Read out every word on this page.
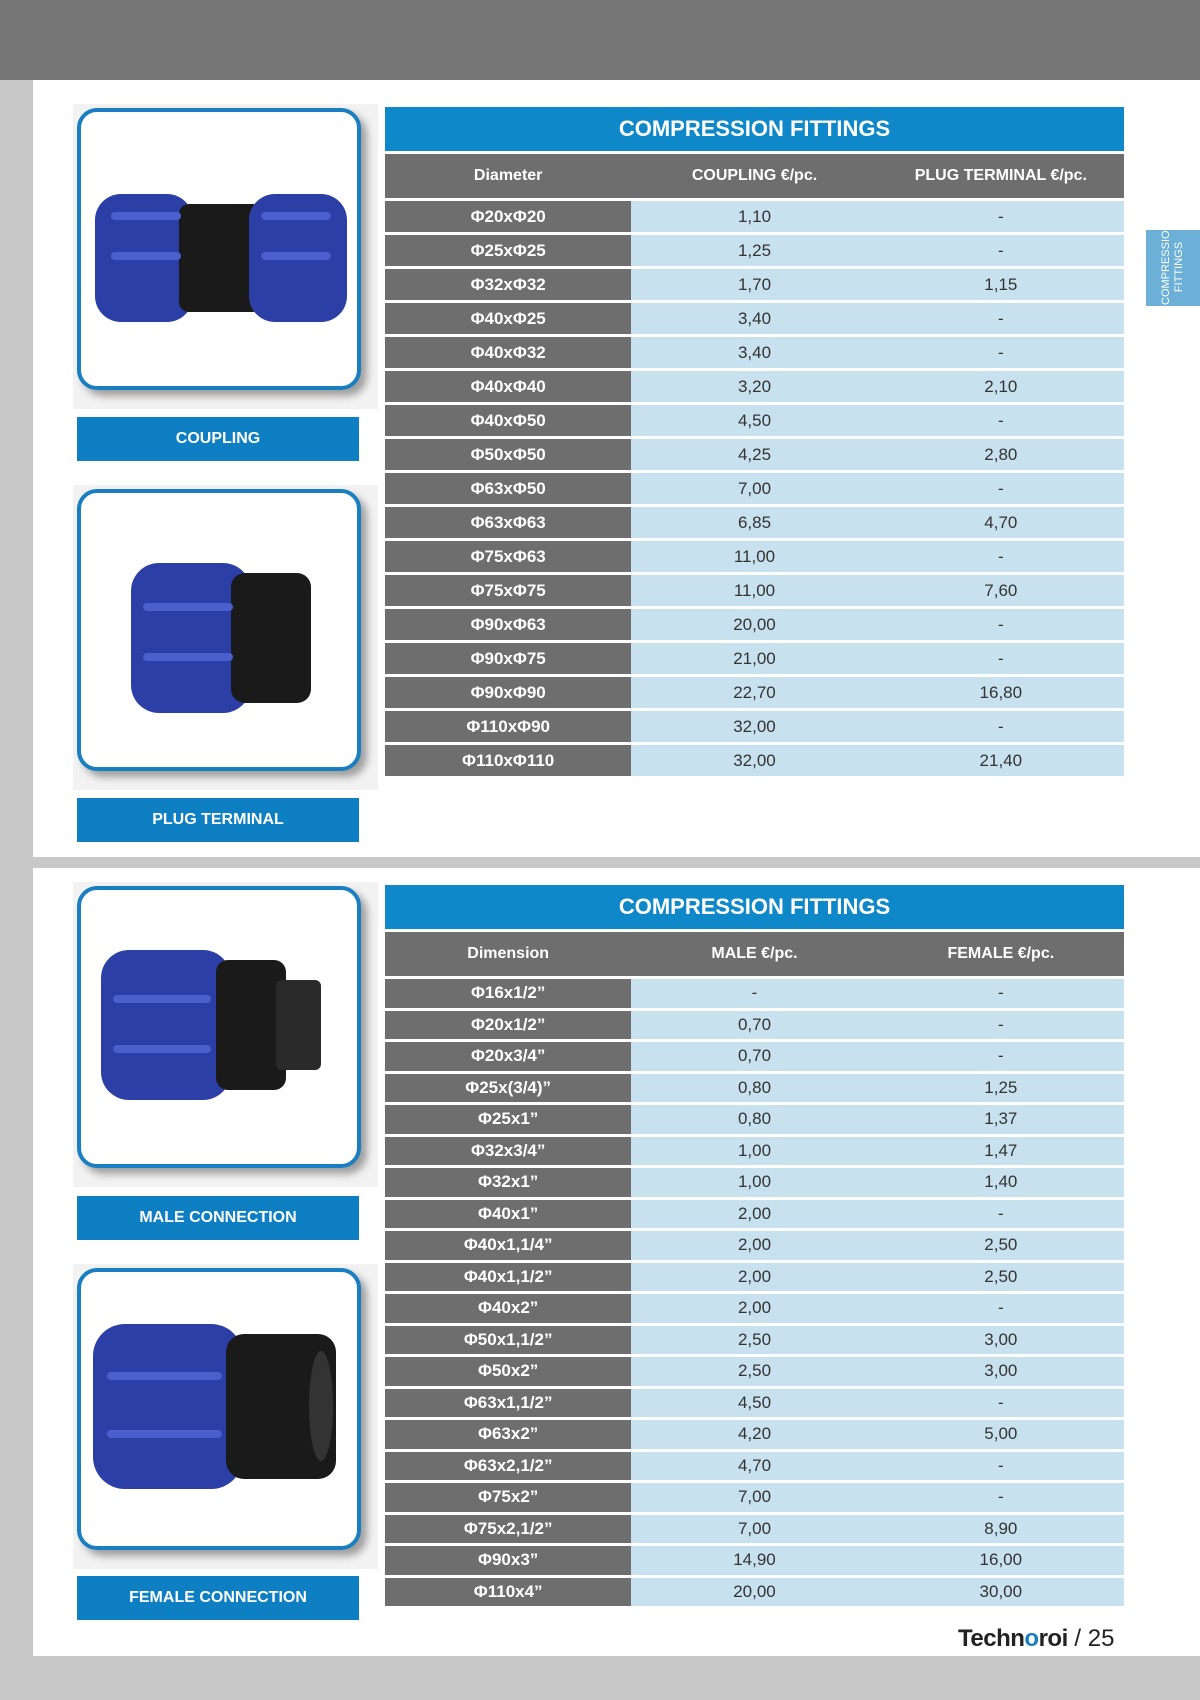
COMPRESSION
FITTINGS
COUPLING
PLUG TERMINAL
MALE CONNECTION
FEMALE CONNECTION
COMPRESSION FITTINGS		
Diameter	COUPLING €/pc.	PLUG TERMINAL €/pc.
Φ20xΦ20	1,10	-
Φ25xΦ25	1,25	-
Φ32xΦ32	1,70	1,15
Φ40xΦ25	3,40	-
Φ40xΦ32	3,40	-
Φ40xΦ40	3,20	2,10
Φ40xΦ50	4,50	-
Φ50xΦ50	4,25	2,80
Φ63xΦ50	7,00	-
Φ63xΦ63	6,85	4,70
Φ75xΦ63	11,00	-
Φ75xΦ75	11,00	7,60
Φ90xΦ63	20,00	-
Φ90xΦ75	21,00	-
Φ90xΦ90	22,70	16,80
Φ110xΦ90	32,00	-
Φ110xΦ110	32,00	21,40
COMPRESSION FITTINGS		
Dimension	MALE €/pc.	FEMALE €/pc.
Φ16x1/2”	-	-
Φ20x1/2”	0,70	-
Φ20x3/4”	0,70	-
Φ25x(3/4)”	0,80	1,25
Φ25x1”	0,80	1,37
Φ32x3/4”	1,00	1,47
Φ32x1”	1,00	1,40
Φ40x1”	2,00	-
Φ40x1,1/4”	2,00	2,50
Φ40x1,1/2”	2,00	2,50
Φ40x2”	2,00	-
Φ50x1,1/2”	2,50	3,00
Φ50x2”	2,50	3,00
Φ63x1,1/2”	4,50	-
Φ63x2”	4,20	5,00
Φ63x2,1/2”	4,70	-
Φ75x2”	7,00	-
Φ75x2,1/2”	7,00	8,90
Φ90x3”	14,90	16,00
Φ110x4”	20,00	30,00
Technoroi / 25
